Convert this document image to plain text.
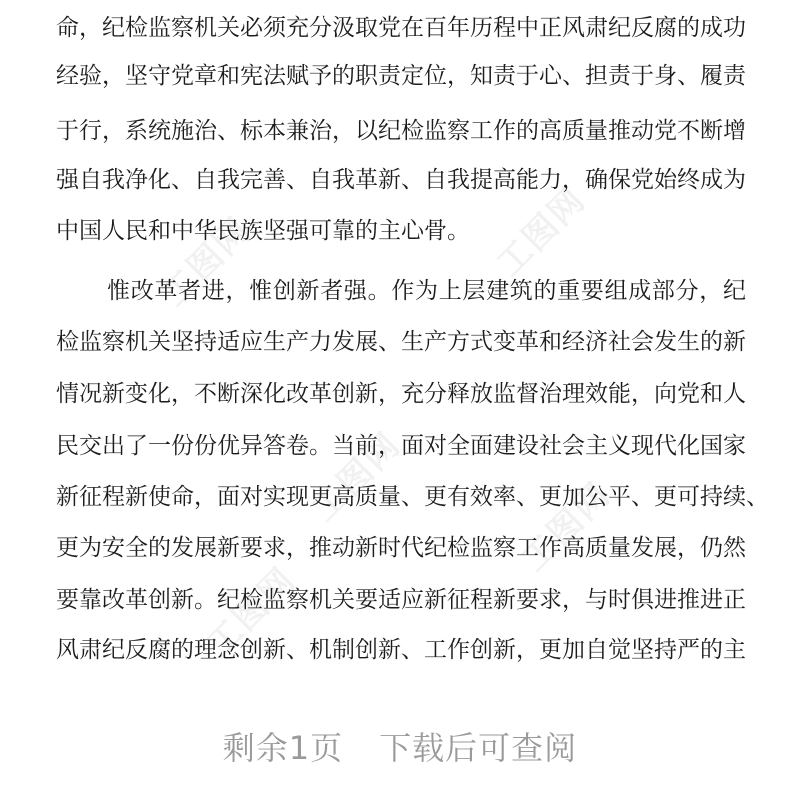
工图网	工图网
工图网
工图网
工图网
命，纪检监察机关必须充分汲取党在百年历程中正风肃纪反腐的成功
经验，坚守党章和宪法赋予的职责定位，知责于心、担责于身、履责
于行，系统施治、标本兼治，以纪检监察工作的高质量推动党不断增
强自我净化、自我完善、自我革新、自我提高能力，确保党始终成为
中国人民和中华民族坚强可靠的主心骨。
惟改革者进，惟创新者强。作为上层建筑的重要组成部分，纪
检监察机关坚持适应生产力发展、生产方式变革和经济社会发生的新
情况新变化，不断深化改革创新，充分释放监督治理效能，向党和人
民交出了一份份优异答卷。当前，面对全面建设社会主义现代化国家
新征程新使命，面对实现更高质量、更有效率、更加公平、更可持续、
更为安全的发展新要求，推动新时代纪检监察工作高质量发展，仍然
要靠改革创新。纪检监察机关要适应新征程新要求，与时俱进推进正
风肃纪反腐的理念创新、机制创新、工作创新，更加自觉坚持严的主
剩余1页 下载后可查阅
